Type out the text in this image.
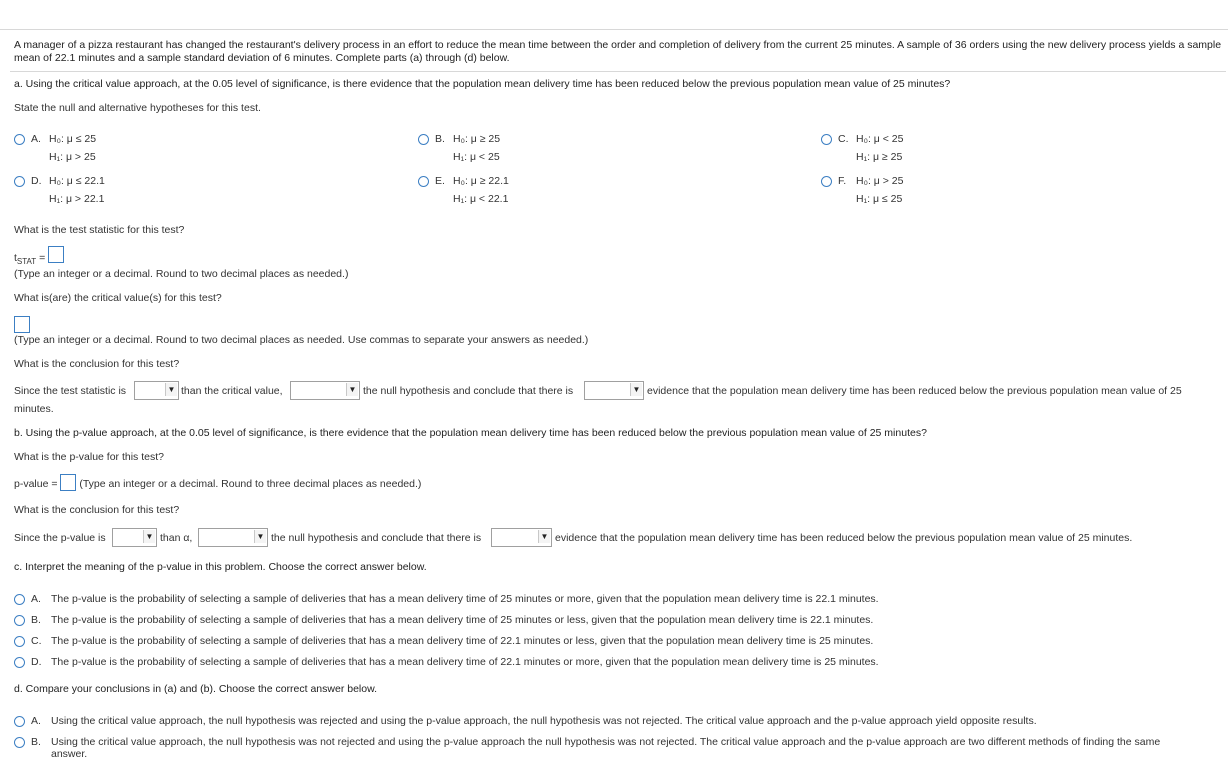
A manager of a pizza restaurant has changed the restaurant's delivery process in an effort to reduce the mean time between the order and completion of delivery from the current 25 minutes. A sample of 36 orders using the new delivery process yields a sample mean of 22.1 minutes and a sample standard deviation of 6 minutes. Complete parts (a) through (d) below.
a. Using the critical value approach, at the 0.05 level of significance, is there evidence that the population mean delivery time has been reduced below the previous population mean value of 25 minutes?
State the null and alternative hypotheses for this test.
A. H₀: μ ≤ 25
H₁: μ > 25
B. H₀: μ ≥ 25
H₁: μ < 25
C. H₀: μ < 25
H₁: μ ≥ 25
D. H₀: μ ≤ 22.1
H₁: μ > 22.1
E. H₀: μ ≥ 22.1
H₁: μ < 22.1
F. H₀: μ > 25
H₁: μ ≤ 25
What is the test statistic for this test?
$t_{STAT}$ =
(Type an integer or a decimal. Round to two decimal places as needed.)
What is(are) the critical value(s) for this test?
(Type an integer or a decimal. Round to two decimal places as needed. Use commas to separate your answers as needed.)
What is the conclusion for this test?
Since the test statistic is	▼ than the critical value,	▼ the null hypothesis and conclude that there is	▼ evidence that the population mean delivery time has been reduced below the previous population mean value of 25
minutes.
b. Using the p-value approach, at the 0.05 level of significance, is there evidence that the population mean delivery time has been reduced below the previous population mean value of 25 minutes?
What is the p-value for this test?
p-value = (Type an integer or a decimal. Round to three decimal places as needed.)
What is the conclusion for this test?
Since the p-value is	▼ than α,	▼ the null hypothesis and conclude that there is	▼ evidence that the population mean delivery time has been reduced below the previous population mean value of 25 minutes.
c. Interpret the meaning of the p-value in this problem. Choose the correct answer below.
A. The p-value is the probability of selecting a sample of deliveries that has a mean delivery time of 25 minutes or more, given that the population mean delivery time is 22.1 minutes.
B. The p-value is the probability of selecting a sample of deliveries that has a mean delivery time of 25 minutes or less, given that the population mean delivery time is 22.1 minutes.
C. The p-value is the probability of selecting a sample of deliveries that has a mean delivery time of 22.1 minutes or less, given that the population mean delivery time is 25 minutes.
D. The p-value is the probability of selecting a sample of deliveries that has a mean delivery time of 22.1 minutes or more, given that the population mean delivery time is 25 minutes.
d. Compare your conclusions in (a) and (b). Choose the correct answer below.
A. Using the critical value approach, the null hypothesis was rejected and using the p-value approach, the null hypothesis was not rejected. The critical value approach and the p-value approach yield opposite results.
B. Using the critical value approach, the null hypothesis was not rejected and using the p-value approach the null hypothesis was not rejected. The critical value approach and the p-value approach are two different methods of finding the same
answer.
